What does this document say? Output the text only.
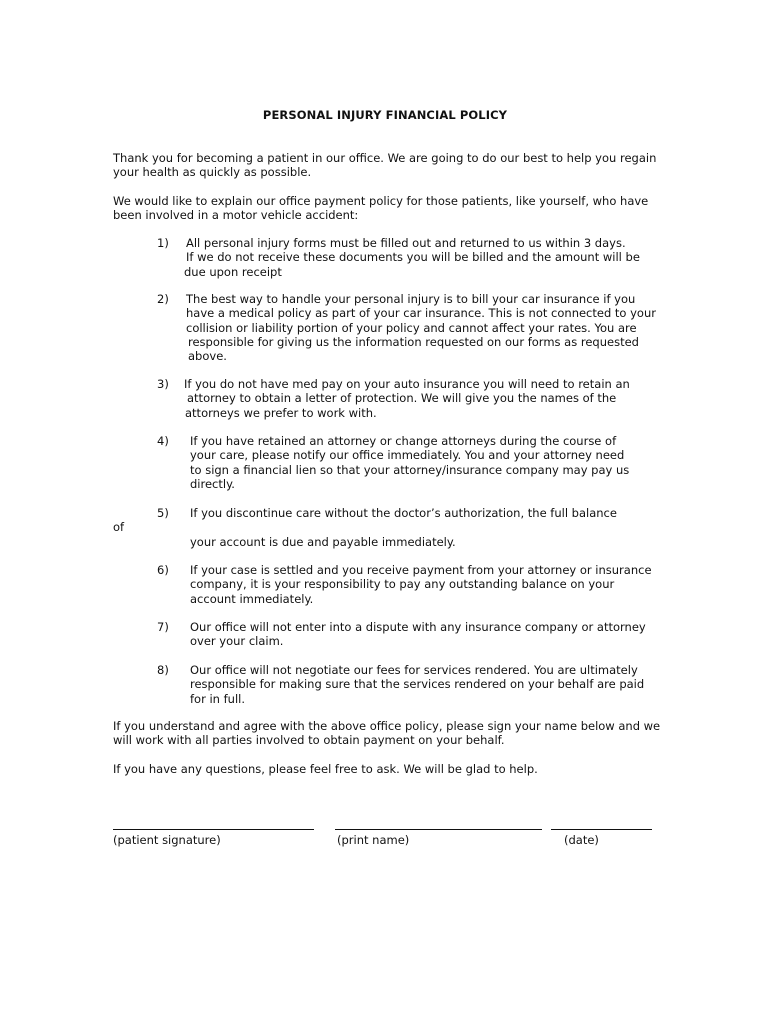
PERSONAL INJURY FINANCIAL POLICY
Thank you for becoming a patient in our office. We are going to do our best to help you regain
your health as quickly as possible.
We would like to explain our office payment policy for those patients, like yourself, who have
been involved in a motor vehicle accident:
1) All personal injury forms must be filled out and returned to us within 3 days.
If we do not receive these documents you will be billed and the amount will be
due upon receipt
2) The best way to handle your personal injury is to bill your car insurance if you
have a medical policy as part of your car insurance. This is not connected to your
collision or liability portion of your policy and cannot affect your rates. You are
responsible for giving us the information requested on our forms as requested
above.
3) If you do not have med pay on your auto insurance you will need to retain an
attorney to obtain a letter of protection. We will give you the names of the
attorneys we prefer to work with.
4) If you have retained an attorney or change attorneys during the course of
your care, please notify our office immediately. You and your attorney need
to sign a financial lien so that your attorney/insurance company may pay us
directly.
5) If you discontinue care without the doctor’s authorization, the full balance
of
your account is due and payable immediately.
6) If your case is settled and you receive payment from your attorney or insurance
company, it is your responsibility to pay any outstanding balance on your
account immediately.
7) Our office will not enter into a dispute with any insurance company or attorney
over your claim.
8) Our office will not negotiate our fees for services rendered. You are ultimately
responsible for making sure that the services rendered on your behalf are paid
for in full.
If you understand and agree with the above office policy, please sign your name below and we
will work with all parties involved to obtain payment on your behalf.
If you have any questions, please feel free to ask. We will be glad to help.
(patient signature)	(print name)	(date)
